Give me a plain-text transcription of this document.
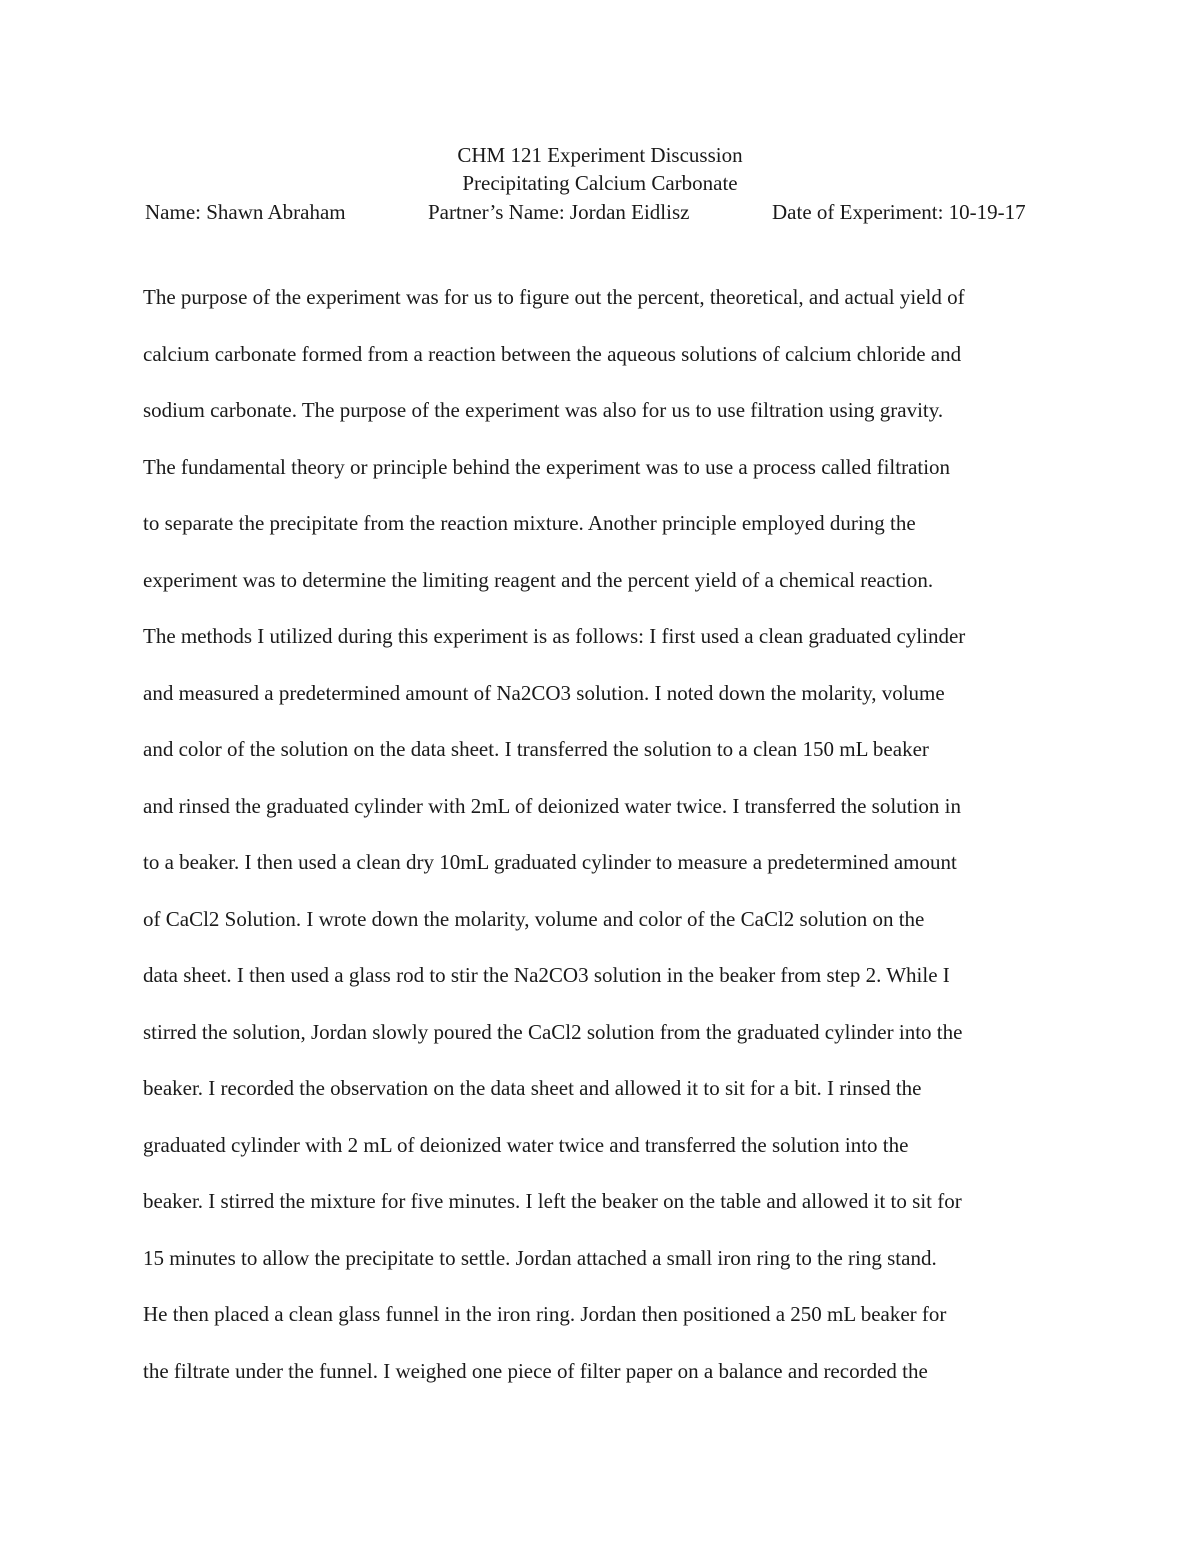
CHM 121 Experiment Discussion
Precipitating Calcium Carbonate
Name: Shawn Abraham	Partner’s Name: Jordan Eidlisz	Date of Experiment: 10-19-17
The purpose of the experiment was for us to figure out the percent, theoretical, and actual yield of
calcium carbonate formed from a reaction between the aqueous solutions of calcium chloride and
sodium carbonate. The purpose of the experiment was also for us to use filtration using gravity.
The fundamental theory or principle behind the experiment was to use a process called filtration
to separate the precipitate from the reaction mixture. Another principle employed during the
experiment was to determine the limiting reagent and the percent yield of a chemical reaction.
The methods I utilized during this experiment is as follows: I first used a clean graduated cylinder
and measured a predetermined amount of Na2CO3 solution. I noted down the molarity, volume
and color of the solution on the data sheet. I transferred the solution to a clean 150 mL beaker
and rinsed the graduated cylinder with 2mL of deionized water twice. I transferred the solution in
to a beaker. I then used a clean dry 10mL graduated cylinder to measure a predetermined amount
of CaCl2 Solution. I wrote down the molarity, volume and color of the CaCl2 solution on the
data sheet. I then used a glass rod to stir the Na2CO3 solution in the beaker from step 2. While I
stirred the solution, Jordan slowly poured the CaCl2 solution from the graduated cylinder into the
beaker. I recorded the observation on the data sheet and allowed it to sit for a bit. I rinsed the
graduated cylinder with 2 mL of deionized water twice and transferred the solution into the
beaker. I stirred the mixture for five minutes. I left the beaker on the table and allowed it to sit for
15 minutes to allow the precipitate to settle. Jordan attached a small iron ring to the ring stand.
He then placed a clean glass funnel in the iron ring. Jordan then positioned a 250 mL beaker for
the filtrate under the funnel. I weighed one piece of filter paper on a balance and recorded the
